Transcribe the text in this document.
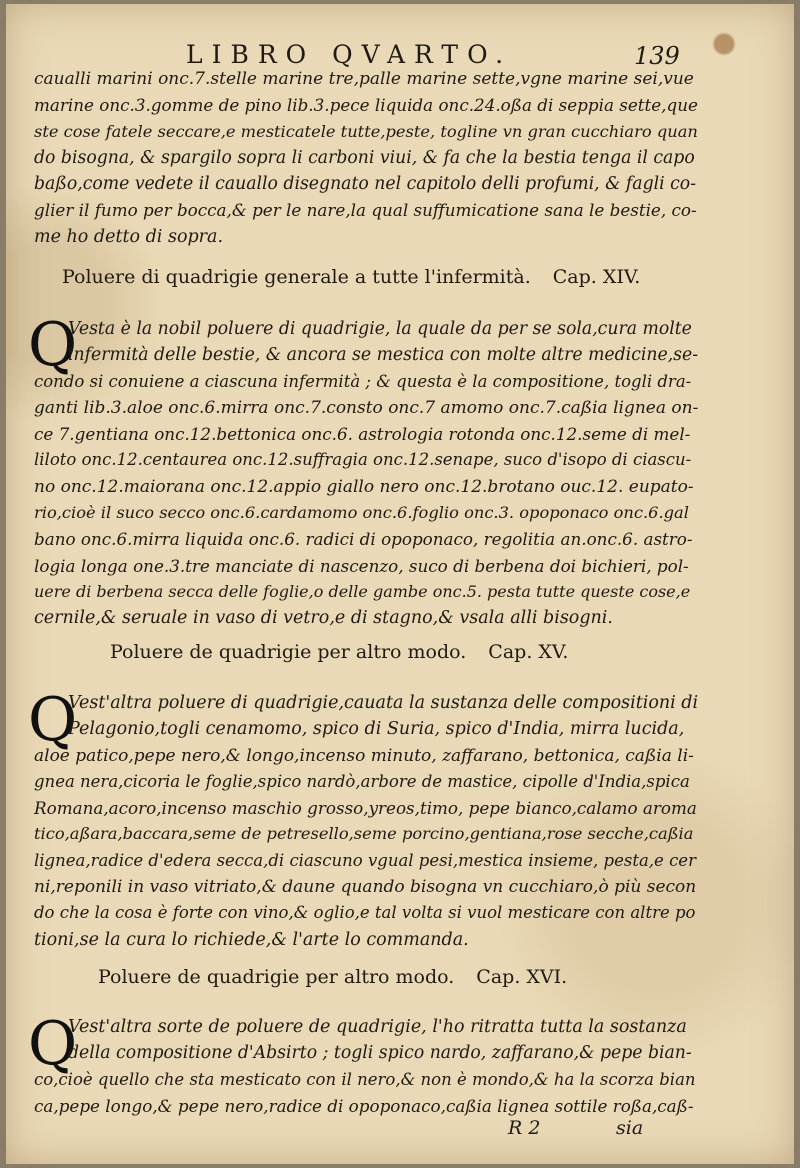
LIBRO QVARTO.	139
caualli marini onc.7.stelle marine tre,palle marine sette,vgne marine sei,vue
marine onc.3.gomme de pino lib.3.pece liquida onc.24.oßa di seppia sette,que
ste cose fatele seccare,e mesticatele tutte,peste, togline vn gran cucchiaro quan
do bisogna, & spargilo sopra li carboni viui, & fa che la bestia tenga il capo
baßo,come vedete il cauallo disegnato nel capitolo delli profumi, & fagli co-
glier il fumo per bocca,& per le nare,la qual suffumicatione sana le bestie, co-
me ho detto di sopra.
Poluere di quadrigie generale a tutte l'infermità. Cap. XIV.
Q
Vesta è la nobil poluere di quadrigie, la quale da per se sola,cura molte
infermità delle bestie, & ancora se mestica con molte altre medicine,se-
condo si conuiene a ciascuna infermità ; & questa è la compositione, togli dra-
ganti lib.3.aloe onc.6.mirra onc.7.consto onc.7 amomo onc.7.caßia lignea on-
ce 7.gentiana onc.12.bettonica onc.6. astrologia rotonda onc.12.seme di mel-
liloto onc.12.centaurea onc.12.suffragia onc.12.senape, suco d'isopo di ciascu-
no onc.12.maiorana onc.12.appio giallo nero onc.12.brotano ouc.12. eupato-
rio,cioè il suco secco onc.6.cardamomo onc.6.foglio onc.3. opoponaco onc.6.gal
bano onc.6.mirra liquida onc.6. radici di opoponaco, regolitia an.onc.6. astro-
logia longa one.3.tre manciate di nascenzo, suco di berbena doi bichieri, pol-
uere di berbena secca delle foglie,o delle gambe onc.5. pesta tutte queste cose,e
cernile,& seruale in vaso di vetro,e di stagno,& vsala alli bisogni.
Poluere de quadrigie per altro modo. Cap. XV.
Q
Vest'altra poluere di quadrigie,cauata la sustanza delle compositioni di
Pelagonio,togli cenamomo, spico di Suria, spico d'India, mirra lucida,
aloe patico,pepe nero,& longo,incenso minuto, zaffarano, bettonica, caßia li-
gnea nera,cicoria le foglie,spico nardò,arbore de mastice, cipolle d'India,spica
Romana,acoro,incenso maschio grosso,yreos,timo, pepe bianco,calamo aroma
tico,aßara,baccara,seme de petresello,seme porcino,gentiana,rose secche,caßia
lignea,radice d'edera secca,di ciascuno vgual pesi,mestica insieme, pesta,e cer
ni,reponili in vaso vitriato,& daune quando bisogna vn cucchiaro,ò più secon
do che la cosa è forte con vino,& oglio,e tal volta si vuol mesticare con altre po
tioni,se la cura lo richiede,& l'arte lo commanda.
Poluere de quadrigie per altro modo. Cap. XVI.
Q
Vest'altra sorte de poluere de quadrigie, l'ho ritratta tutta la sostanza
della compositione d'Absirto ; togli spico nardo, zaffarano,& pepe bian-
co,cioè quello che sta mesticato con il nero,& non è mondo,& ha la scorza bian
ca,pepe longo,& pepe nero,radice di opoponaco,caßia lignea sottile roßa,caß-
R 2	sia
